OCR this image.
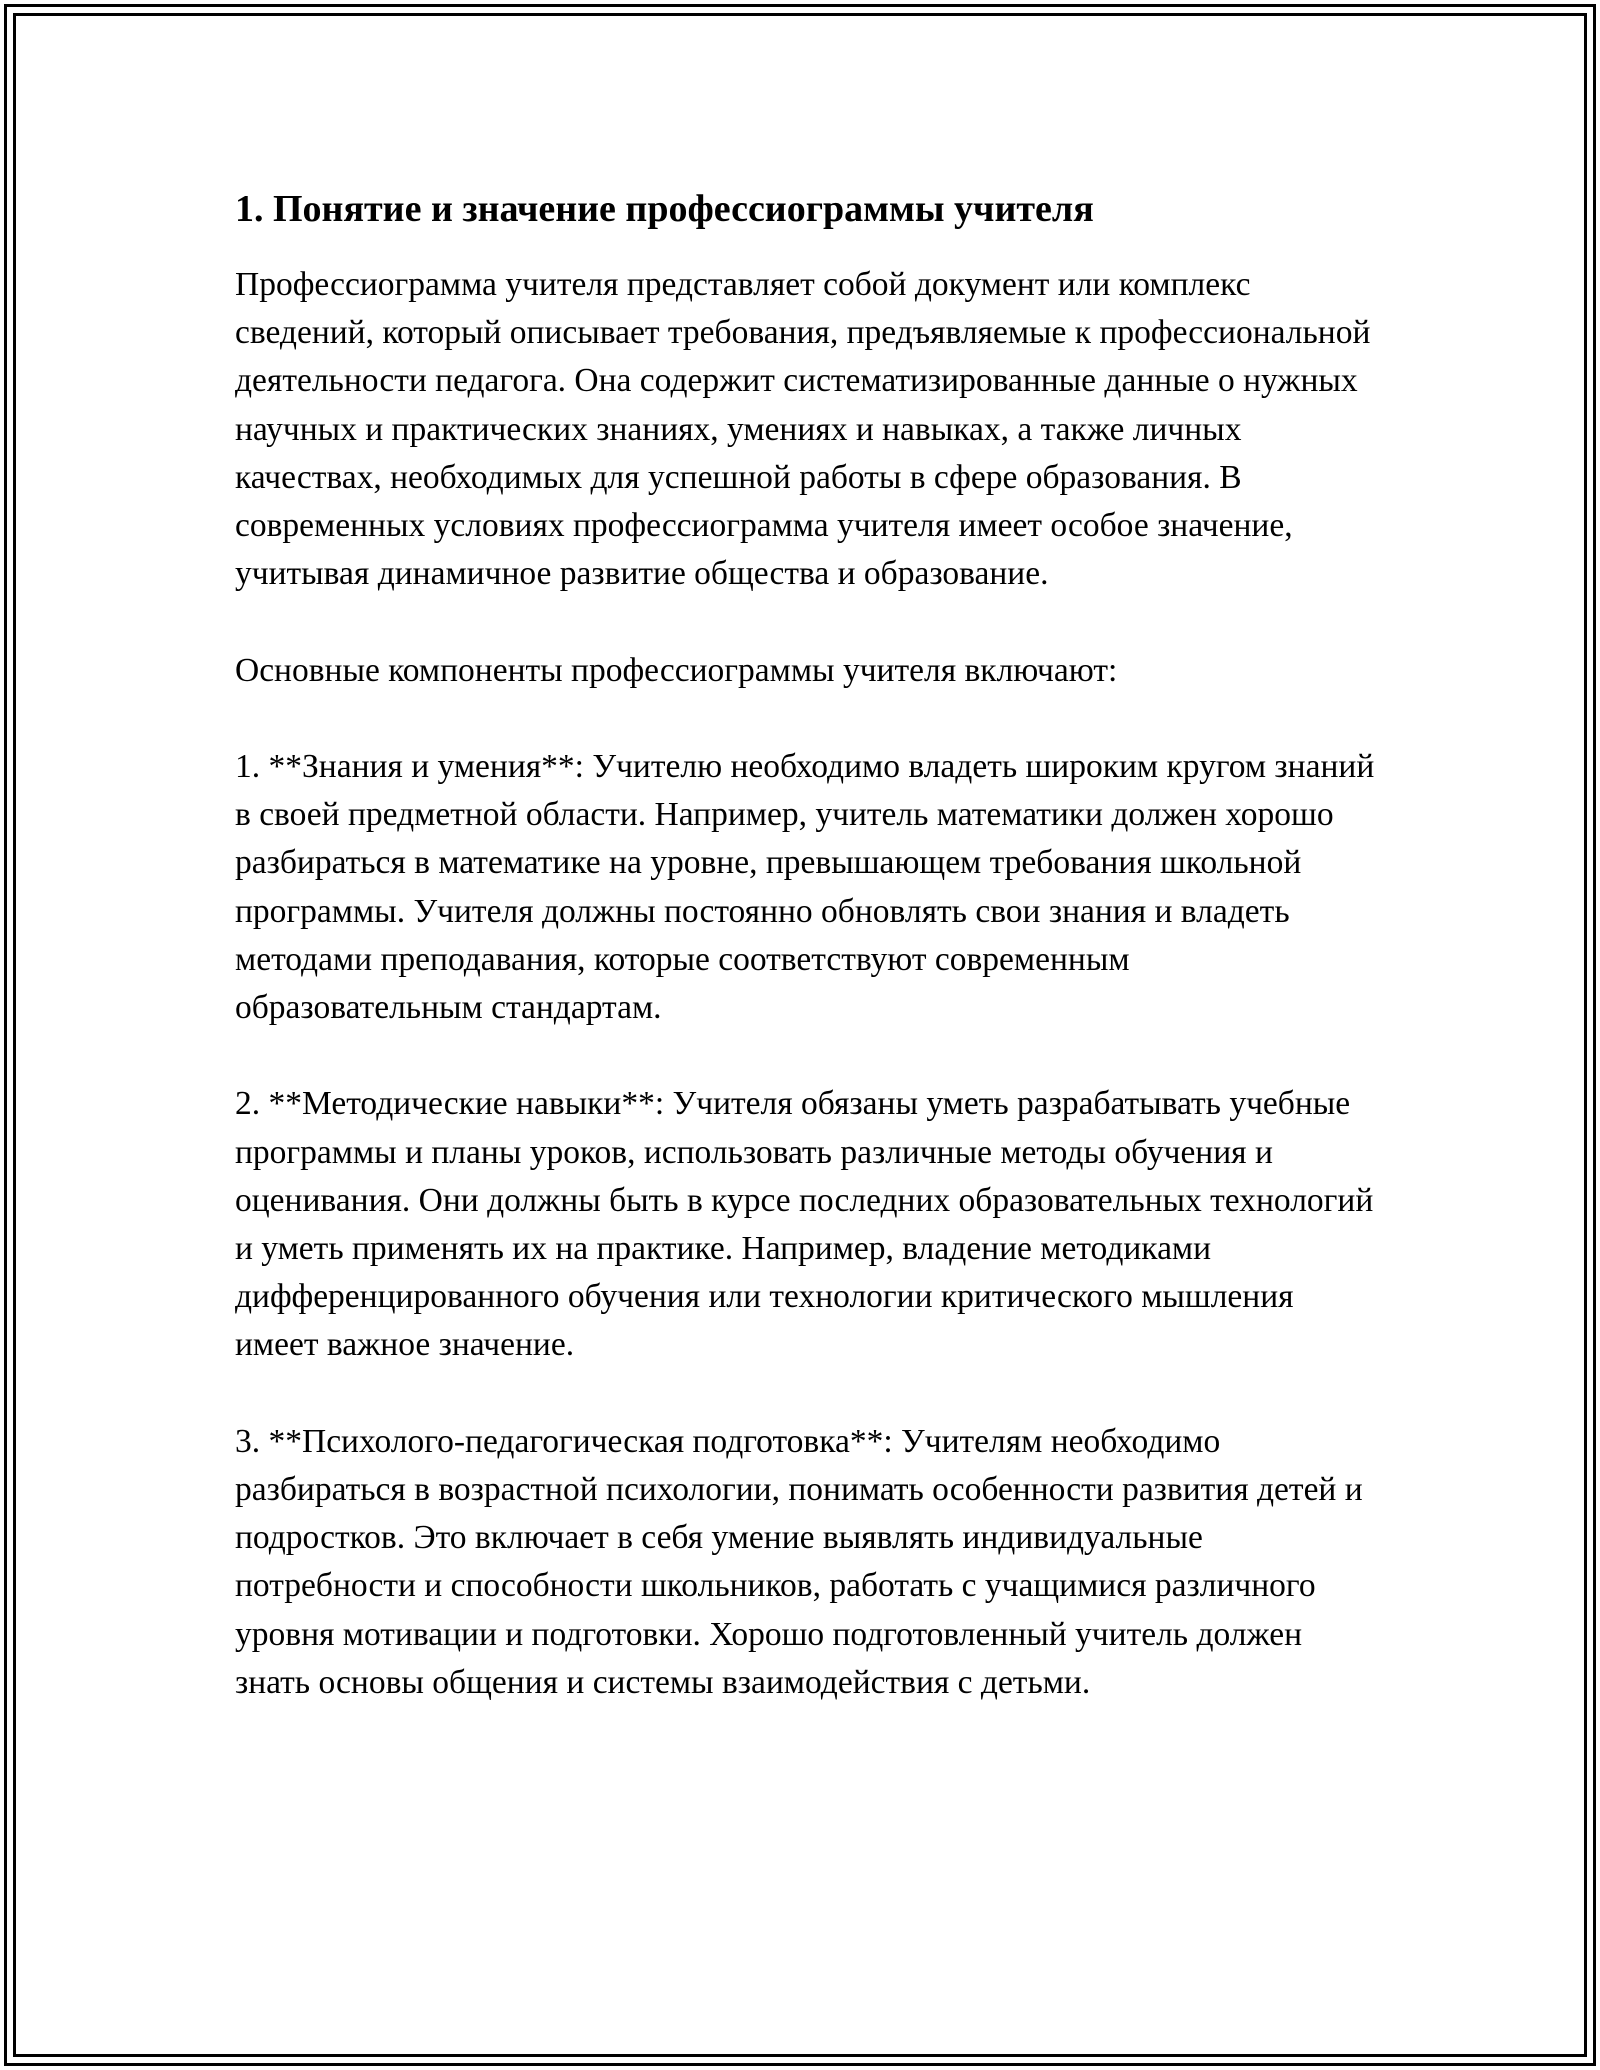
1. Понятие и значение профессиограммы учителя

Профессиограмма учителя представляет собой документ или комплекс сведений, который описывает требования, предъявляемые к профессиональной деятельности педагога. Она содержит систематизированные данные о нужных научных и практических знаниях, умениях и навыках, а также личных качествах, необходимых для успешной работы в сфере образования. В современных условиях профессиограмма учителя имеет особое значение, учитывая динамичное развитие общества и образование.

Основные компоненты профессиограммы учителя включают:

1. **Знания и умения**: Учителю необходимо владеть широким кругом знаний в своей предметной области. Например, учитель математики должен хорошо разбираться в математике на уровне, превышающем требования школьной программы. Учителя должны постоянно обновлять свои знания и владеть методами преподавания, которые соответствуют современным образовательным стандартам.

2. **Методические навыки**: Учителя обязаны уметь разрабатывать учебные программы и планы уроков, использовать различные методы обучения и оценивания. Они должны быть в курсе последних образовательных технологий и уметь применять их на практике. Например, владение методиками дифференцированного обучения или технологии критического мышления имеет важное значение.

3. **Психолого-педагогическая подготовка**: Учителям необходимо разбираться в возрастной психологии, понимать особенности развития детей и подростков. Это включает в себя умение выявлять индивидуальные потребности и способности школьников, работать с учащимися различного уровня мотивации и подготовки. Хорошо подготовленный учитель должен знать основы общения и системы взаимодействия с детьми.
